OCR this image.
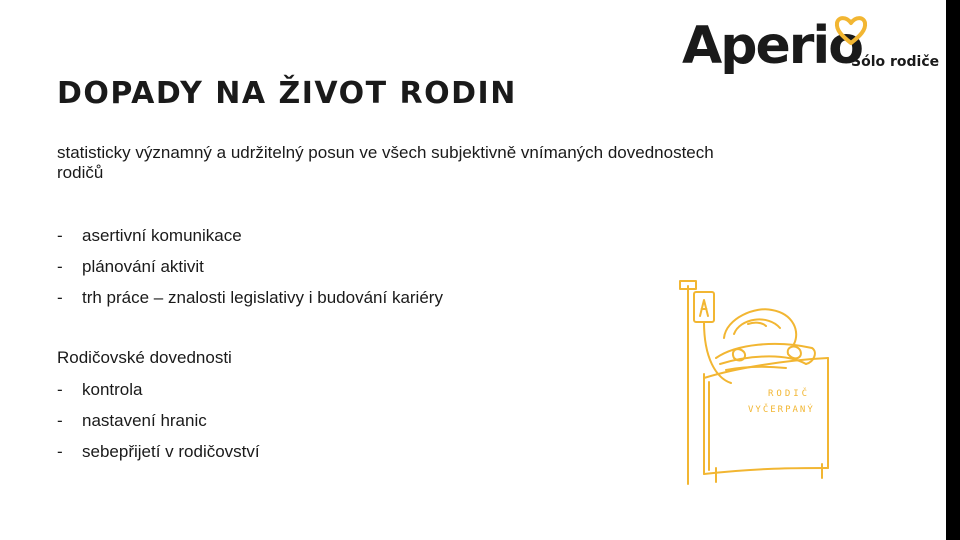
Aperio
Sólo rodiče
DOPADY NA ŽIVOT RODIN

statisticky významný a udržitelný posun ve všech subjektivně vnímaných dovednostech rodičů

- asertivní komunikace
- plánování aktivit
- trh práce – znalosti legislativy i budování kariéry

Rodičovské dovednosti

- kontrola
- nastavení hranic
- sebepřijetí v rodičovství
RODIČ
VYČERPANÝ
